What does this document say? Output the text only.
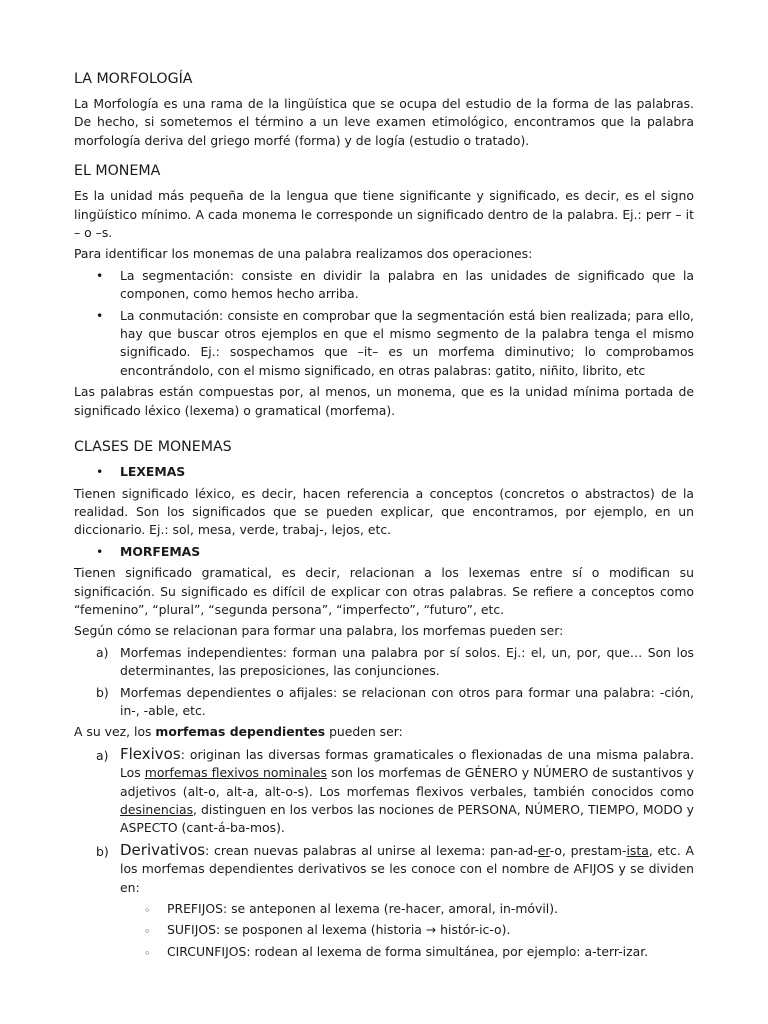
LA MORFOLOGÍA

La Morfología es una rama de la lingüística que se ocupa del estudio de la forma de las palabras. De hecho, si sometemos el término a un leve examen etimológico, encontramos que la palabra morfología deriva del griego morfé (forma) y de logía (estudio o tratado).

EL MONEMA

Es la unidad más pequeña de la lengua que tiene significante y significado, es decir, es el signo lingüístico mínimo. A cada monema le corresponde un significado dentro de la palabra. Ej.: perr – it – o –s.

Para identificar los monemas de una palabra realizamos dos operaciones:

• La segmentación: consiste en dividir la palabra en las unidades de significado que la componen, como hemos hecho arriba.
• La conmutación: consiste en comprobar que la segmentación está bien realizada; para ello, hay que buscar otros ejemplos en que el mismo segmento de la palabra tenga el mismo significado. Ej.: sospechamos que –it– es un morfema diminutivo; lo comprobamos encontrándolo, con el mismo significado, en otras palabras: gatito, niñito, librito, etc

Las palabras están compuestas por, al menos, un monema, que es la unidad mínima portada de significado léxico (lexema) o gramatical (morfema).

CLASES DE MONEMAS
• LEXEMAS

Tienen significado léxico, es decir, hacen referencia a conceptos (concretos o abstractos) de la realidad. Son los significados que se pueden explicar, que encontramos, por ejemplo, en un diccionario. Ej.: sol, mesa, verde, trabaj-, lejos, etc.

• MORFEMAS

Tienen significado gramatical, es decir, relacionan a los lexemas entre sí o modifican su significación. Su significado es difícil de explicar con otras palabras. Se refiere a conceptos como “femenino”, “plural”, “segunda persona”, “imperfecto”, “futuro”, etc.

Según cómo se relacionan para formar una palabra, los morfemas pueden ser:

a) Morfemas independientes: forman una palabra por sí solos. Ej.: el, un, por, que… Son los determinantes, las preposiciones, las conjunciones.
b) Morfemas dependientes o afijales: se relacionan con otros para formar una palabra: -ción, in-, -able, etc.

A su vez, los morfemas dependientes pueden ser:

a) Flexivos: originan las diversas formas gramaticales o flexionadas de una misma palabra. Los morfemas flexivos nominales son los morfemas de GÉNERO y NÚMERO de sustantivos y adjetivos (alt-o, alt-a, alt-o-s). Los morfemas flexivos verbales, también conocidos como desinencias, distinguen en los verbos las nociones de PERSONA, NÚMERO, TIEMPO, MODO y ASPECTO (cant-á-ba-mos).
b) Derivativos: crean nuevas palabras al unirse al lexema: pan-ad-er-o, prestam-ista, etc. A los morfemas dependientes derivativos se les conoce con el nombre de AFIJOS y se dividen en:
◦ PREFIJOS: se anteponen al lexema (re-hacer, amoral, in-móvil).
◦ SUFIJOS: se posponen al lexema (historia → histór-ic-o).
◦ CIRCUNFIJOS: rodean al lexema de forma simultánea, por ejemplo: a-terr-izar.
